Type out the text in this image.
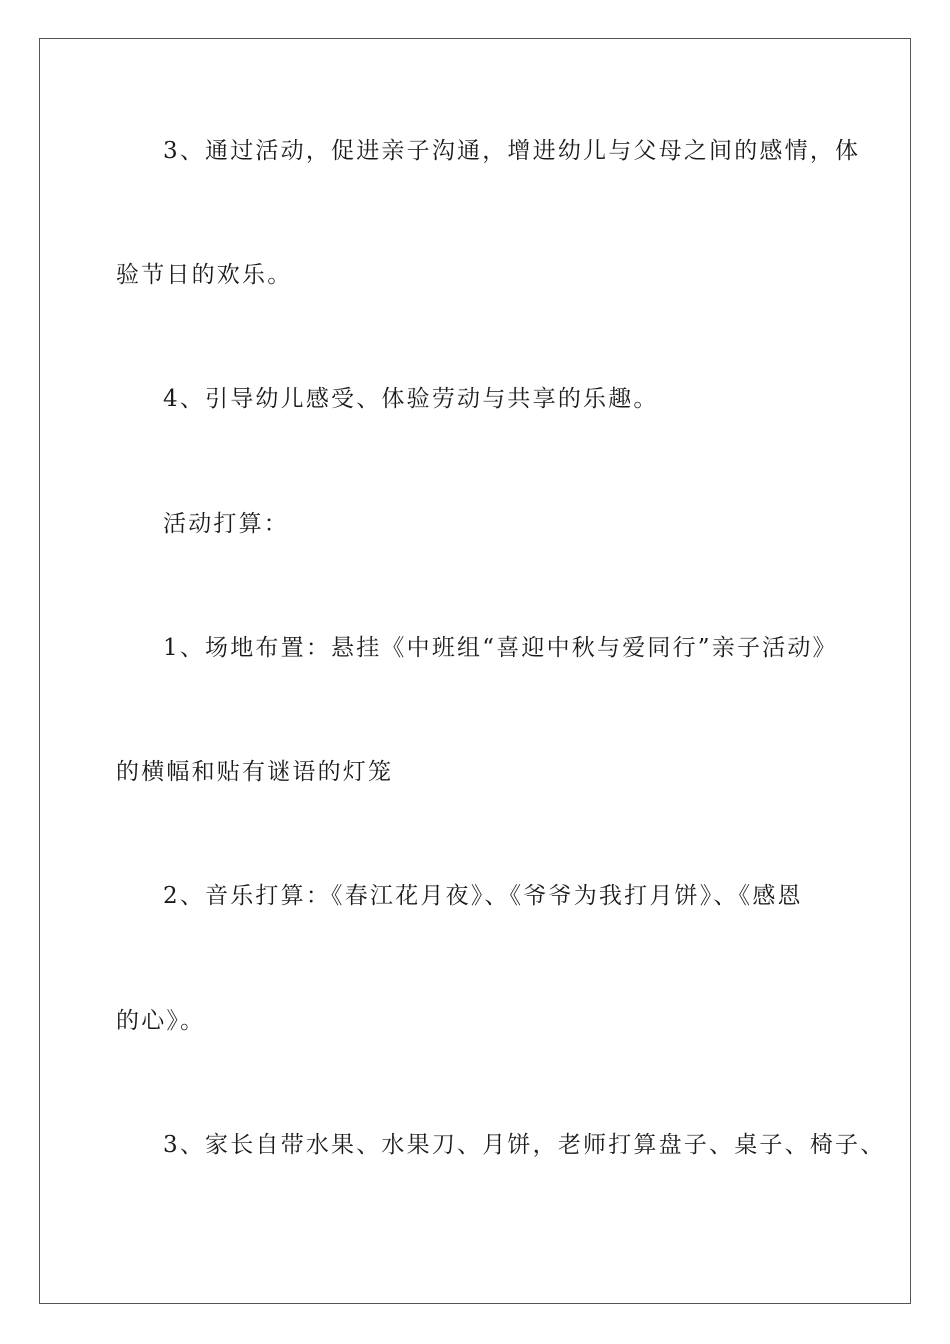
3、通过活动，促进亲子沟通，增进幼儿与父母之间的感情，体
验节日的欢乐。
4、引导幼儿感受、体验劳动与共享的乐趣。
活动打算：
1、场地布置：悬挂《中班组“喜迎中秋与爱同行”亲子活动》
的横幅和贴有谜语的灯笼
2、音乐打算：《春江花月夜》、《爷爷为我打月饼》、《感恩
的心》。
3、家长自带水果、水果刀、月饼，老师打算盘子、桌子、椅子、
